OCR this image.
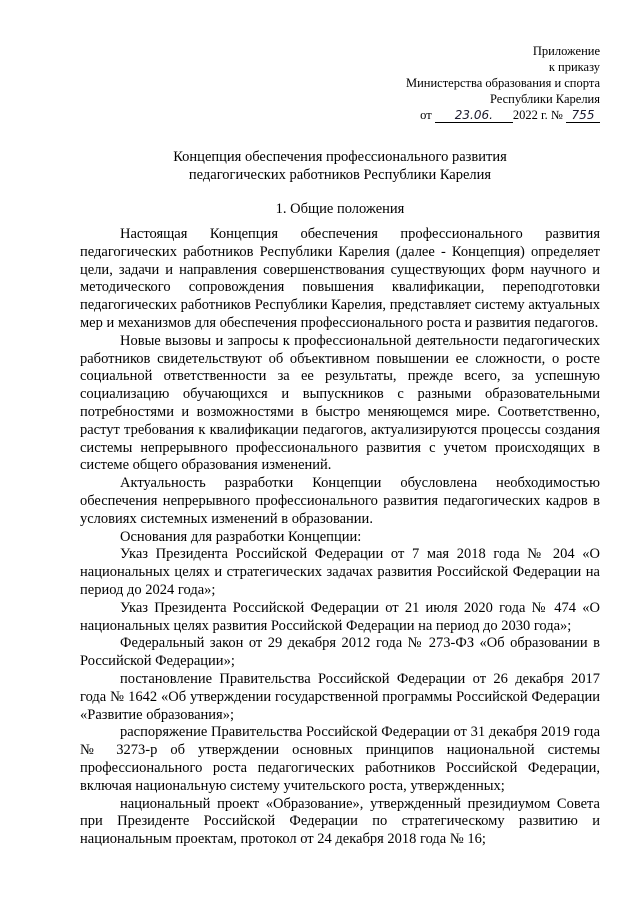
Приложение
к приказу
Министерства образования и спорта
Республики Карелия
от 23.06. 2022 г. № 755
Концепция обеспечения профессионального развития
педагогических работников Республики Карелия
1. Общие положения

Настоящая Концепция обеспечения профессионального развития педагогических работников Республики Карелия (далее - Концепция) определяет цели, задачи и направления совершенствования существующих форм научного и методического сопровождения повышения квалификации, переподготовки педагогических работников Республики Карелия, представляет систему актуальных мер и механизмов для обеспечения профессионального роста и развития педагогов.

Новые вызовы и запросы к профессиональной деятельности педагогических работников свидетельствуют об объективном повышении ее сложности, о росте социальной ответственности за ее результаты, прежде всего, за успешную социализацию обучающихся и выпускников с разными образовательными потребностями и возможностями в быстро меняющемся мире. Соответственно, растут требования к квалификации педагогов, актуализируются процессы создания системы непрерывного профессионального развития с учетом происходящих в системе общего образования изменений.

Актуальность разработки Концепции обусловлена необходимостью обеспечения непрерывного профессионального развития педагогических кадров в условиях системных изменений в образовании.

Основания для разработки Концепции:

Указ Президента Российской Федерации от 7 мая 2018 года № 204 «О национальных целях и стратегических задачах развития Российской Федерации на период до 2024 года»;

Указ Президента Российской Федерации от 21 июля 2020 года № 474 «О национальных целях развития Российской Федерации на период до 2030 года»;

Федеральный закон от 29 декабря 2012 года № 273-ФЗ «Об образовании в Российской Федерации»;

постановление Правительства Российской Федерации от 26 декабря 2017 года № 1642 «Об утверждении государственной программы Российской Федерации «Развитие образования»;

распоряжение Правительства Российской Федерации от 31 декабря 2019 года № 3273-р об утверждении основных принципов национальной системы профессионального роста педагогических работников Российской Федерации, включая национальную систему учительского роста, утвержденных;

национальный проект «Образование», утвержденный президиумом Совета при Президенте Российской Федерации по стратегическому развитию и национальным проектам, протокол от 24 декабря 2018 года № 16;
